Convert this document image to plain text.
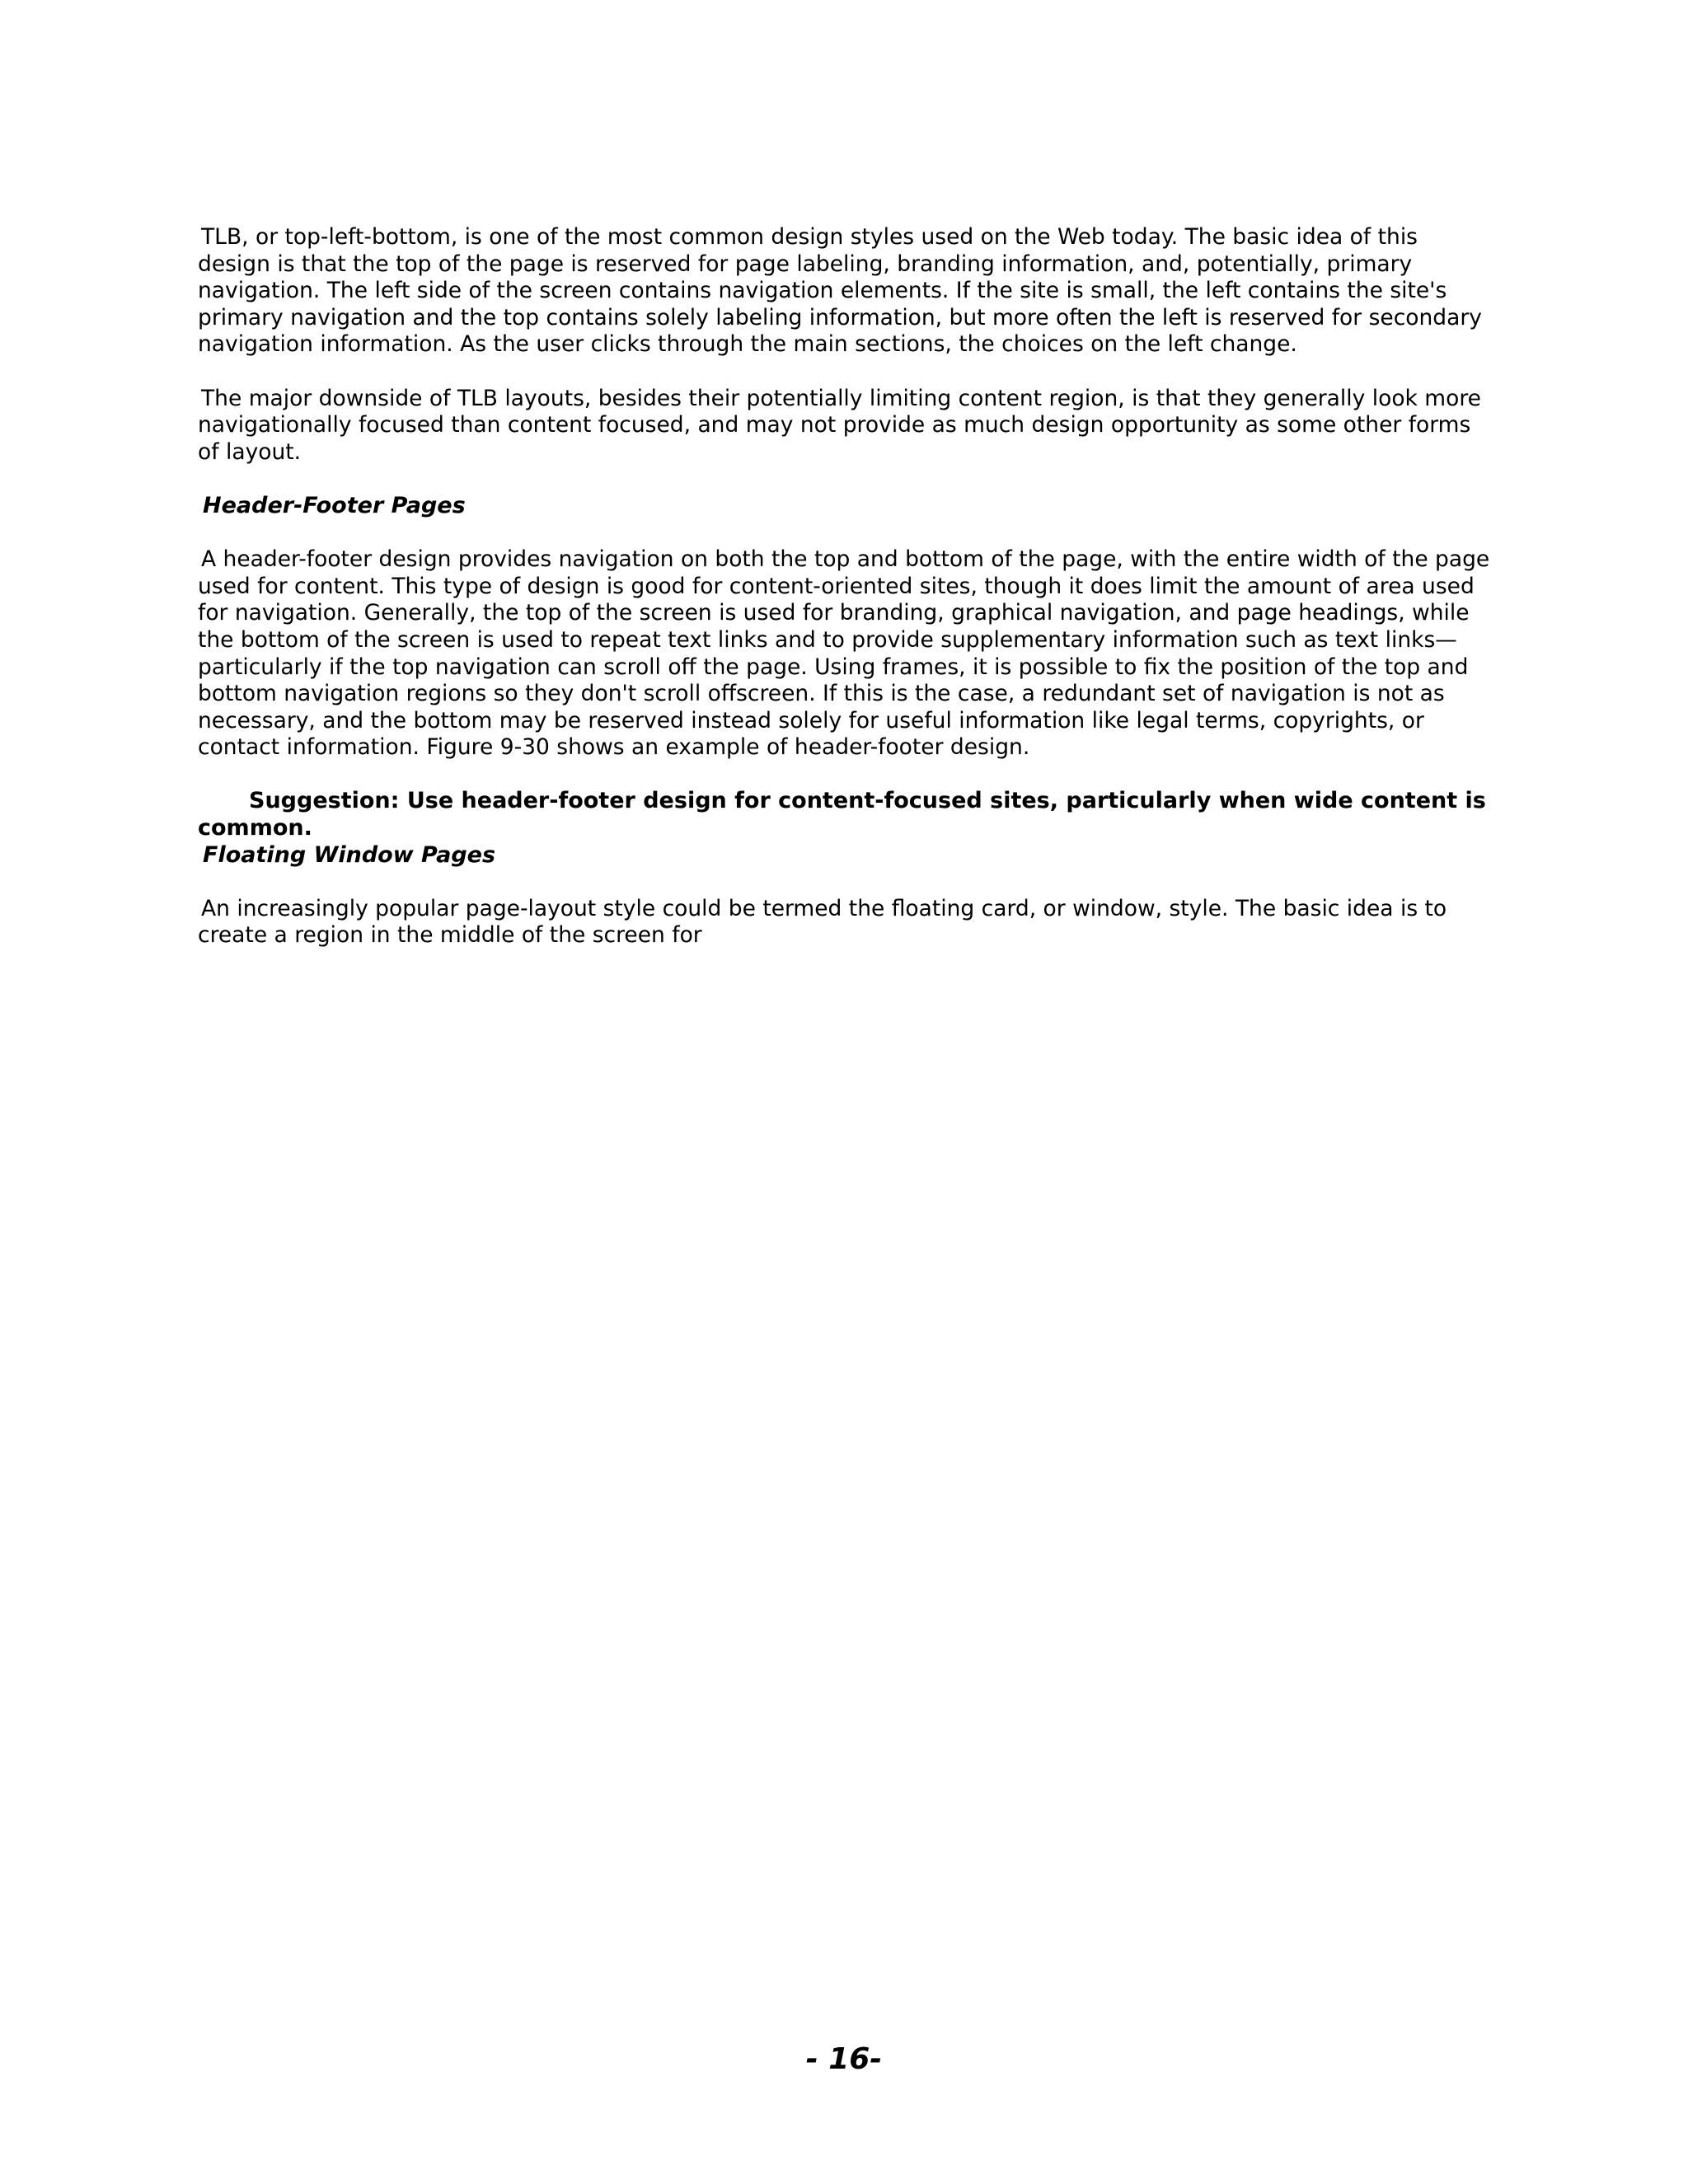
TLB, or top-left-bottom, is one of the most common design styles used on the Web today. The basic idea of this design is that the top of the page is reserved for page labeling, branding information, and, potentially, primary navigation. The left side of the screen contains navigation elements. If the site is small, the left contains the site's primary navigation and the top contains solely labeling information, but more often the left is reserved for secondary navigation information. As the user clicks through the main sections, the choices on the left change.

The major downside of TLB layouts, besides their potentially limiting content region, is that they generally look more navigationally focused than content focused, and may not provide as much design opportunity as some other forms of layout.

Header-Footer Pages

A header-footer design provides navigation on both the top and bottom of the page, with the entire width of the page used for content. This type of design is good for content-oriented sites, though it does limit the amount of area used for navigation. Generally, the top of the screen is used for branding, graphical navigation, and page headings, while the bottom of the screen is used to repeat text links and to provide supplementary information such as text links—particularly if the top navigation can scroll off the page. Using frames, it is possible to fix the position of the top and bottom navigation regions so they don't scroll offscreen. If this is the case, a redundant set of navigation is not as necessary, and the bottom may be reserved instead solely for useful information like legal terms, copyrights, or contact information. Figure 9-30 shows an example of header-footer design.

Suggestion: Use header-footer design for content-focused sites, particularly when wide content is common.

Floating Window Pages

An increasingly popular page-layout style could be termed the floating card, or window, style. The basic idea is to create a region in the middle of the screen for

- 16-
